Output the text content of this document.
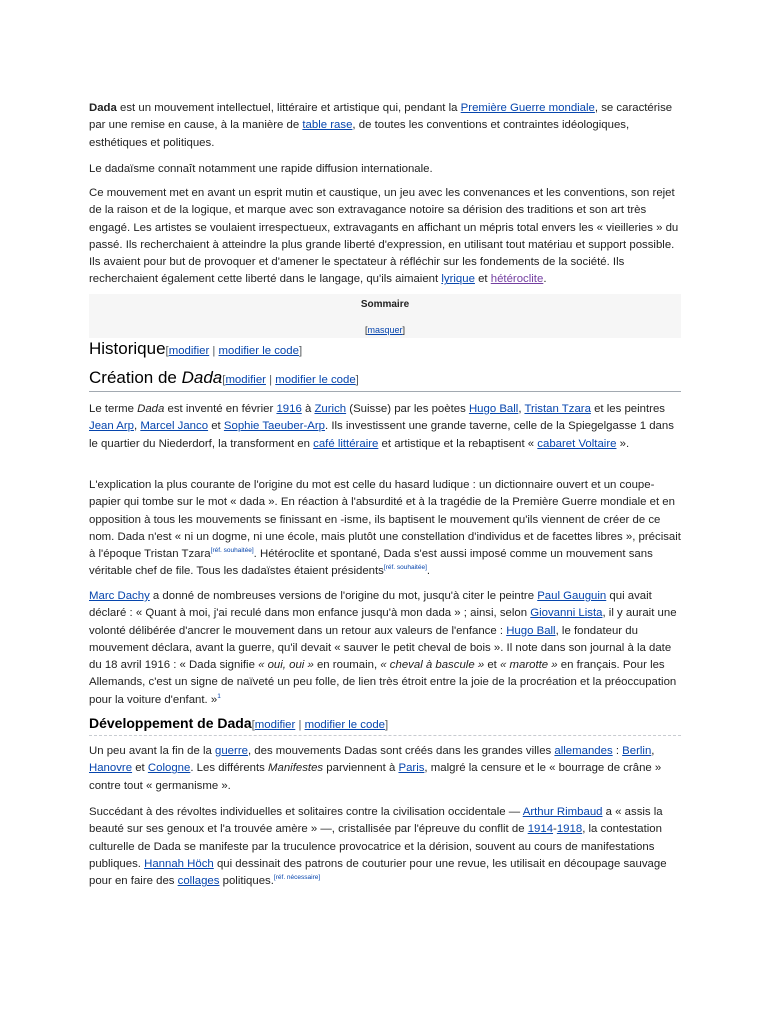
Dada est un mouvement intellectuel, littéraire et artistique qui, pendant la Première Guerre mondiale, se caractérise par une remise en cause, à la manière de table rase, de toutes les conventions et contraintes idéologiques, esthétiques et politiques.

Le dadaïsme connaît notamment une rapide diffusion internationale.

Ce mouvement met en avant un esprit mutin et caustique, un jeu avec les convenances et les conventions, son rejet de la raison et de la logique, et marque avec son extravagance notoire sa dérision des traditions et son art très engagé. Les artistes se voulaient irrespectueux, extravagants en affichant un mépris total envers les « vieilleries » du passé. Ils recherchaient à atteindre la plus grande liberté d'expression, en utilisant tout matériau et support possible. Ils avaient pour but de provoquer et d'amener le spectateur à réfléchir sur les fondements de la société. Ils recherchaient également cette liberté dans le langage, qu'ils aimaient lyrique et hétéroclite.

Sommaire
[masquer]
Historique[modifier | modifier le code]
Création de Dada[modifier | modifier le code]

Le terme Dada est inventé en février 1916 à Zurich (Suisse) par les poètes Hugo Ball, Tristan Tzara et les peintres Jean Arp, Marcel Janco et Sophie Taeuber-Arp. Ils investissent une grande taverne, celle de la Spiegelgasse 1 dans le quartier du Niederdorf, la transforment en café littéraire et artistique et la rebaptisent « cabaret Voltaire ».

L'explication la plus courante de l'origine du mot est celle du hasard ludique : un dictionnaire ouvert et un coupe-papier qui tombe sur le mot « dada ». En réaction à l'absurdité et à la tragédie de la Première Guerre mondiale et en opposition à tous les mouvements se finissant en -isme, ils baptisent le mouvement qu'ils viennent de créer de ce nom. Dada n'est « ni un dogme, ni une école, mais plutôt une constellation d'individus et de facettes libres », précisait à l'époque Tristan Tzara[réf. souhaitée]. Hétéroclite et spontané, Dada s'est aussi imposé comme un mouvement sans véritable chef de file. Tous les dadaïstes étaient présidents[réf. souhaitée].

Marc Dachy a donné de nombreuses versions de l'origine du mot, jusqu'à citer le peintre Paul Gauguin qui avait déclaré : « Quant à moi, j'ai reculé dans mon enfance jusqu'à mon dada » ; ainsi, selon Giovanni Lista, il y aurait une volonté délibérée d'ancrer le mouvement dans un retour aux valeurs de l'enfance : Hugo Ball, le fondateur du mouvement déclara, avant la guerre, qu'il devait « sauver le petit cheval de bois ». Il note dans son journal à la date du 18 avril 1916 : « Dada signifie « oui, oui » en roumain, « cheval à bascule » et « marotte » en français. Pour les Allemands, c'est un signe de naïveté un peu folle, de lien très étroit entre la joie de la procréation et la préoccupation pour la voiture d'enfant. »$^1$

Développement de Dada[modifier | modifier le code]

Un peu avant la fin de la guerre, des mouvements Dadas sont créés dans les grandes villes allemandes : Berlin, Hanovre et Cologne. Les différents Manifestes parviennent à Paris, malgré la censure et le « bourrage de crâne » contre tout « germanisme ».

Succédant à des révoltes individuelles et solitaires contre la civilisation occidentale — Arthur Rimbaud a « assis la beauté sur ses genoux et l'a trouvée amère » —, cristallisée par l'épreuve du conflit de 1914-1918, la contestation culturelle de Dada se manifeste par la truculence provocatrice et la dérision, souvent au cours de manifestations publiques. Hannah Höch qui dessinait des patrons de couturier pour une revue, les utilisait en découpage sauvage pour en faire des collages politiques.[réf. nécessaire]
